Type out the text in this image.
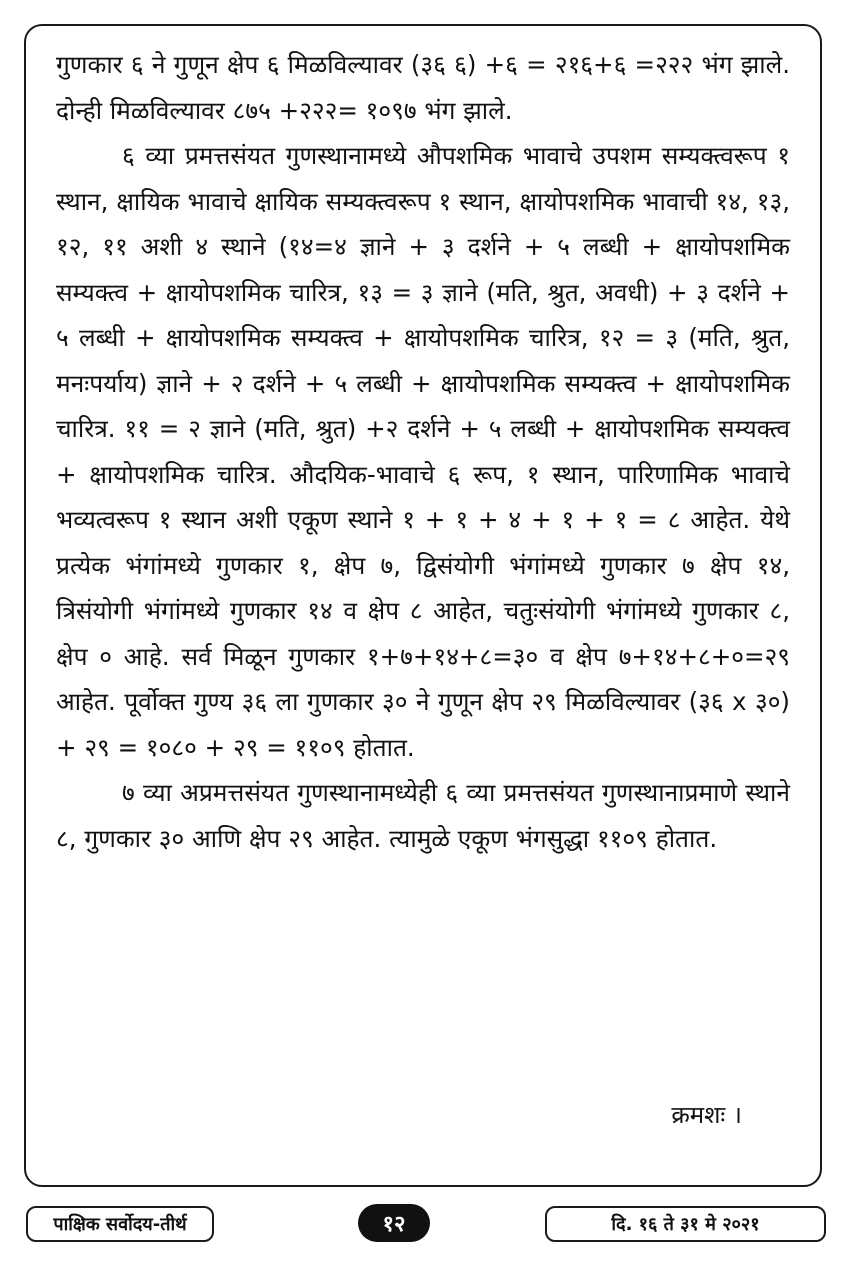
गुणकार ६ ने गुणून क्षेप ६ मिळविल्यावर (३६ ६) +६ = २१६+६ =२२२ भंग झाले. दोन्ही मिळविल्यावर ८७५ +२२२= १०९७ भंग झाले.

६ व्या प्रमत्तसंयत गुणस्थानामध्ये औपशमिक भावाचे उपशम सम्यक्त्वरूप १ स्थान, क्षायिक भावाचे क्षायिक सम्यक्त्वरूप १ स्थान, क्षायोपशमिक भावाची १४, १३, १२, ११ अशी ४ स्थाने (१४=४ ज्ञाने + ३ दर्शने + ५ लब्धी + क्षायोपशमिक सम्यक्त्व + क्षायोपशमिक चारित्र, १३ = ३ ज्ञाने (मति, श्रुत, अवधी) + ३ दर्शने + ५ लब्धी + क्षायोपशमिक सम्यक्त्व + क्षायोपशमिक चारित्र, १२ = ३ (मति, श्रुत, मनःपर्याय) ज्ञाने + २ दर्शने + ५ लब्धी + क्षायोपशमिक सम्यक्त्व + क्षायोपशमिक चारित्र. ११ = २ ज्ञाने (मति, श्रुत) +२ दर्शने + ५ लब्धी + क्षायोपशमिक सम्यक्त्व + क्षायोपशमिक चारित्र. औदयिक-भावाचे ६ रूप, १ स्थान, पारिणामिक भावाचे भव्यत्वरूप १ स्थान अशी एकूण स्थाने १ + १ + ४ + १ + १ = ८ आहेत. येथे प्रत्येक भंगांमध्ये गुणकार १, क्षेप ७, द्विसंयोगी भंगांमध्ये गुणकार ७ क्षेप १४, त्रिसंयोगी भंगांमध्ये गुणकार १४ व क्षेप ८ आहेत, चतुःसंयोगी भंगांमध्ये गुणकार ८, क्षेप ० आहे. सर्व मिळून गुणकार १+७+१४+८=३० व क्षेप ७+१४+८+०=२९ आहेत. पूर्वोक्त गुण्य ३६ ला गुणकार ३० ने गुणून क्षेप २९ मिळविल्यावर (३६ x ३०) + २९ = १०८० + २९ = ११०९ होतात.

७ व्या अप्रमत्तसंयत गुणस्थानामध्येही ६ व्या प्रमत्तसंयत गुणस्थानाप्रमाणे स्थाने ८, गुणकार ३० आणि क्षेप २९ आहेत. त्यामुळे एकूण भंगसुद्धा ११०९ होतात.

क्रमशः ।
पाक्षिक सर्वोदय-तीर्थ	१२	दि. १६ ते ३१ मे २०२१
